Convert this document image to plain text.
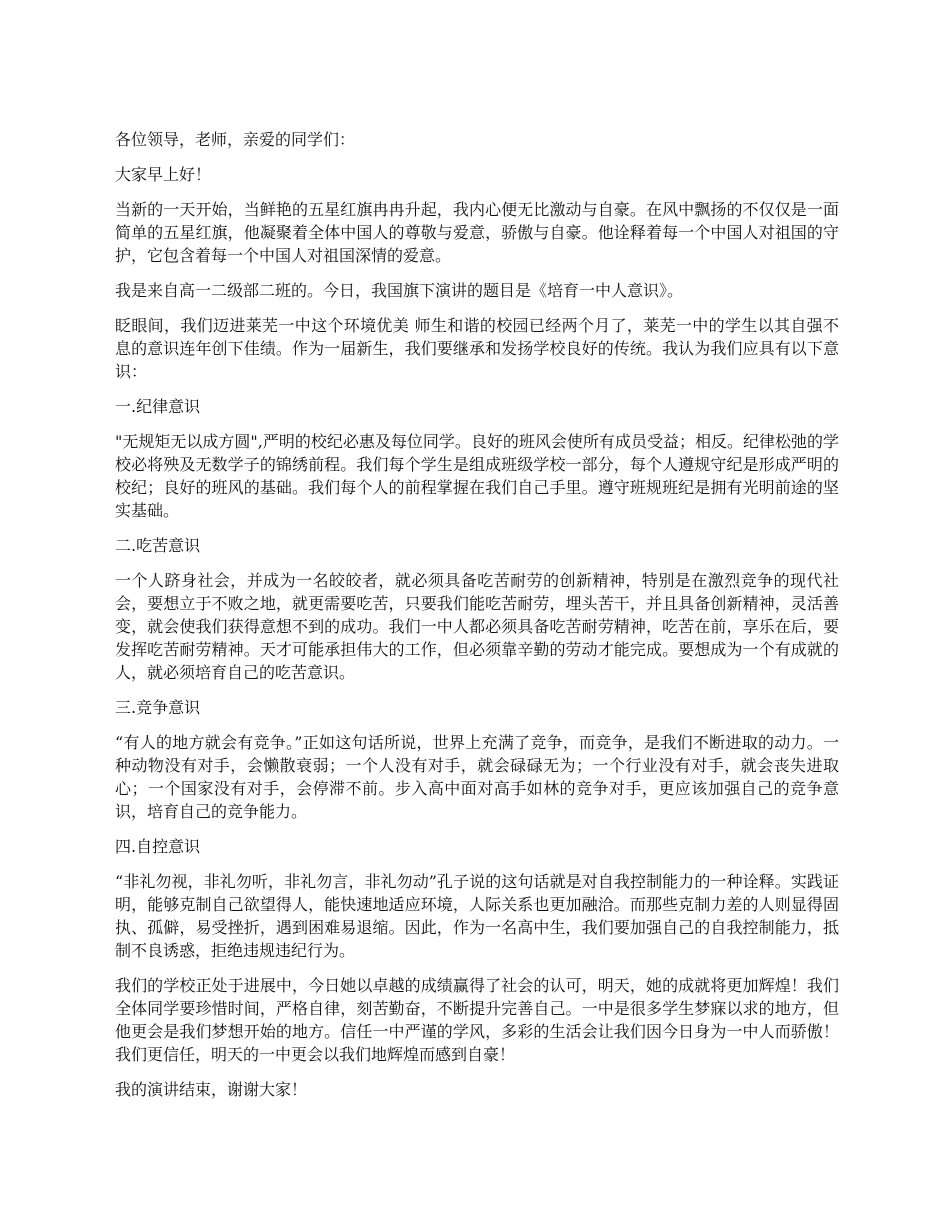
各位领导，老师，亲爱的同学们：

大家早上好！

当新的一天开始，当鲜艳的五星红旗冉冉升起，我内心便无比激动与自豪。在风中飘扬的不仅仅是一面简单的五星红旗，他凝聚着全体中国人的尊敬与爱意，骄傲与自豪。他诠释着每一个中国人对祖国的守护，它包含着每一个中国人对祖国深情的爱意。

我是来自高一二级部二班的。今日，我国旗下演讲的题目是《培育一中人意识》。

眨眼间，我们迈进莱芜一中这个环境优美 师生和谐的校园已经两个月了，莱芜一中的学生以其自强不息的意识连年创下佳绩。作为一届新生，我们要继承和发扬学校良好的传统。我认为我们应具有以下意识：

一.纪律意识

"无规矩无以成方圆",严明的校纪必惠及每位同学。良好的班风会使所有成员受益；相反。纪律松弛的学校必将殃及无数学子的锦绣前程。我们每个学生是组成班级学校一部分，每个人遵规守纪是形成严明的校纪；良好的班风的基础。我们每个人的前程掌握在我们自己手里。遵守班规班纪是拥有光明前途的坚实基础。

二.吃苦意识

一个人跻身社会，并成为一名皎皎者，就必须具备吃苦耐劳的创新精神，特别是在激烈竞争的现代社会，要想立于不败之地，就更需要吃苦，只要我们能吃苦耐劳，埋头苦干，并且具备创新精神，灵活善变，就会使我们获得意想不到的成功。我们一中人都必须具备吃苦耐劳精神，吃苦在前，享乐在后，要发挥吃苦耐劳精神。天才可能承担伟大的工作，但必须靠辛勤的劳动才能完成。要想成为一个有成就的人，就必须培育自己的吃苦意识。

三.竞争意识

“有人的地方就会有竞争。”正如这句话所说，世界上充满了竞争，而竞争，是我们不断进取的动力。一种动物没有对手，会懒散衰弱；一个人没有对手，就会碌碌无为；一个行业没有对手，就会丧失进取心；一个国家没有对手，会停滞不前。步入高中面对高手如林的竞争对手，更应该加强自己的竞争意识，培育自己的竞争能力。

四.自控意识

“非礼勿视，非礼勿听，非礼勿言，非礼勿动”孔子说的这句话就是对自我控制能力的一种诠释。实践证明，能够克制自己欲望得人，能快速地适应环境，人际关系也更加融洽。而那些克制力差的人则显得固执、孤僻，易受挫折，遇到困难易退缩。因此，作为一名高中生，我们要加强自己的自我控制能力，抵制不良诱惑，拒绝违规违纪行为。

我们的学校正处于进展中，今日她以卓越的成绩赢得了社会的认可，明天，她的成就将更加辉煌！我们全体同学要珍惜时间，严格自律，刻苦勤奋，不断提升完善自己。一中是很多学生梦寐以求的地方，但他更会是我们梦想开始的地方。信任一中严谨的学风，多彩的生活会让我们因今日身为一中人而骄傲！我们更信任，明天的一中更会以我们地辉煌而感到自豪！

我的演讲结束，谢谢大家！
